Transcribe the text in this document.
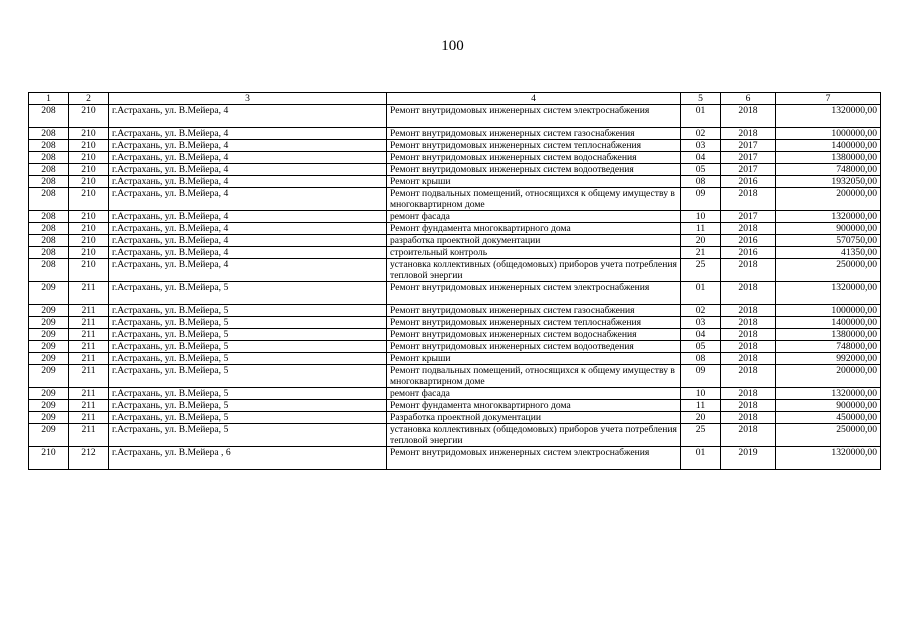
100
1	2	3	4	5	6	7
208	210	г.Астрахань, ул. В.Мейера, 4	Ремонт внутридомовых инженерных систем электроснабжения	01	2018	1320000,00
208	210	г.Астрахань, ул. В.Мейера, 4	Ремонт внутридомовых инженерных систем газоснабжения	02	2018	1000000,00
208	210	г.Астрахань, ул. В.Мейера, 4	Ремонт внутридомовых инженерных систем теплоснабжения	03	2017	1400000,00
208	210	г.Астрахань, ул. В.Мейера, 4	Ремонт внутридомовых инженерных систем водоснабжения	04	2017	1380000,00
208	210	г.Астрахань, ул. В.Мейера, 4	Ремонт внутридомовых инженерных систем водоотведения	05	2017	748000,00
208	210	г.Астрахань, ул. В.Мейера, 4	Ремонт крыши	08	2016	1932050,00
208	210	г.Астрахань, ул. В.Мейера, 4	Ремонт подвальных помещений, относящихся к общему имуществу в многоквартирном доме	09	2018	200000,00
208	210	г.Астрахань, ул. В.Мейера, 4	ремонт фасада	10	2017	1320000,00
208	210	г.Астрахань, ул. В.Мейера, 4	Ремонт фундамента многоквартирного дома	11	2018	900000,00
208	210	г.Астрахань, ул. В.Мейера, 4	разработка проектной документации	20	2016	570750,00
208	210	г.Астрахань, ул. В.Мейера, 4	строительный контроль	21	2016	41350,00
208	210	г.Астрахань, ул. В.Мейера, 4	установка коллективных (общедомовых) приборов учета потребления тепловой энергии	25	2018	250000,00
209	211	г.Астрахань, ул. В.Мейера, 5	Ремонт внутридомовых инженерных систем электроснабжения	01	2018	1320000,00
209	211	г.Астрахань, ул. В.Мейера, 5	Ремонт внутридомовых инженерных систем газоснабжения	02	2018	1000000,00
209	211	г.Астрахань, ул. В.Мейера, 5	Ремонт внутридомовых инженерных систем теплоснабжения	03	2018	1400000,00
209	211	г.Астрахань, ул. В.Мейера, 5	Ремонт внутридомовых инженерных систем водоснабжения	04	2018	1380000,00
209	211	г.Астрахань, ул. В.Мейера, 5	Ремонт внутридомовых инженерных систем водоотведения	05	2018	748000,00
209	211	г.Астрахань, ул. В.Мейера, 5	Ремонт крыши	08	2018	992000,00
209	211	г.Астрахань, ул. В.Мейера, 5	Ремонт подвальных помещений, относящихся к общему имуществу в многоквартирном доме	09	2018	200000,00
209	211	г.Астрахань, ул. В.Мейера, 5	ремонт фасада	10	2018	1320000,00
209	211	г.Астрахань, ул. В.Мейера, 5	Ремонт фундамента многоквартирного дома	11	2018	900000,00
209	211	г.Астрахань, ул. В.Мейера, 5	Разработка проектной документации	20	2018	450000,00
209	211	г.Астрахань, ул. В.Мейера, 5	установка коллективных (общедомовых) приборов учета потребления тепловой энергии	25	2018	250000,00
210	212	г.Астрахань, ул. В.Мейера , 6	Ремонт внутридомовых инженерных систем электроснабжения	01	2019	1320000,00
